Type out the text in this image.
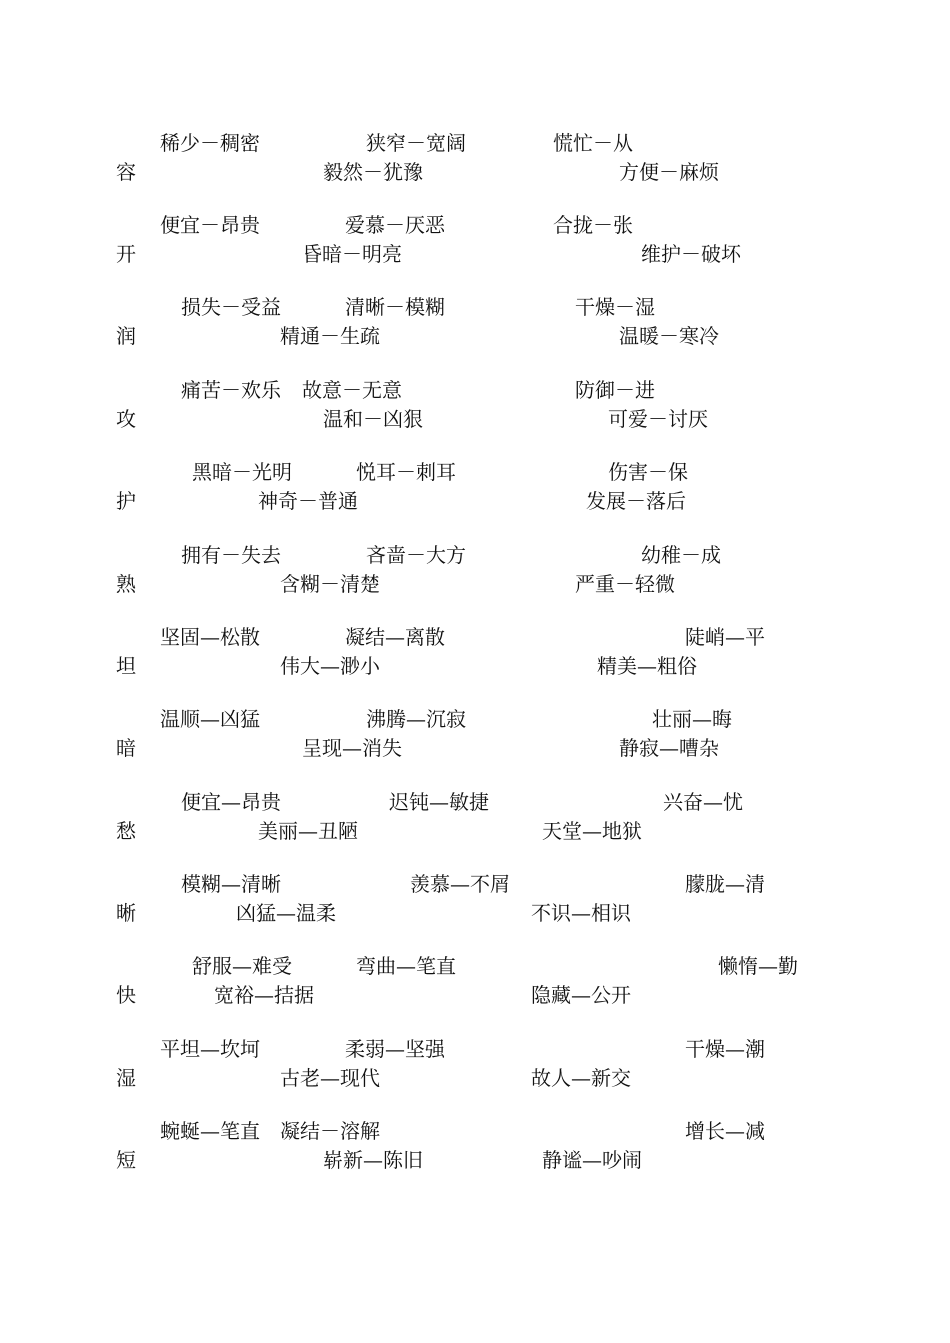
稀少－稠密	狭窄－宽阔	慌忙－从
容	毅然－犹豫	方便－麻烦
便宜－昂贵	爱慕－厌恶	合拢－张
开	昏暗－明亮	维护－破坏
损失－受益	清晰－模糊	干燥－湿
润	精通－生疏	温暖－寒冷
痛苦－欢乐 故意－无意	防御－进
攻	温和－凶狠	可爱－讨厌
黑暗－光明	悦耳－刺耳	伤害－保
护	神奇－普通	发展－落后
拥有－失去	吝啬－大方	幼稚－成
熟	含糊－清楚	严重－轻微
坚固—松散	凝结—离散	陡峭—平
坦	伟大—渺小	精美—粗俗
温顺—凶猛	沸腾—沉寂	壮丽—晦
暗	呈现—消失	静寂—嘈杂
便宜—昂贵	迟钝—敏捷	兴奋—忧
愁	美丽—丑陋	天堂—地狱
模糊—清晰	羡慕—不屑	朦胧—清
晰	凶猛—温柔	不识—相识
舒服—难受	弯曲—笔直	懒惰—勤
快	宽裕—拮据	隐藏—公开
平坦—坎坷	柔弱—坚强	干燥—潮
湿	古老—现代	故人—新交
蜿蜒—笔直 凝结－溶解	增长—减
短	崭新—陈旧	静谧—吵闹
